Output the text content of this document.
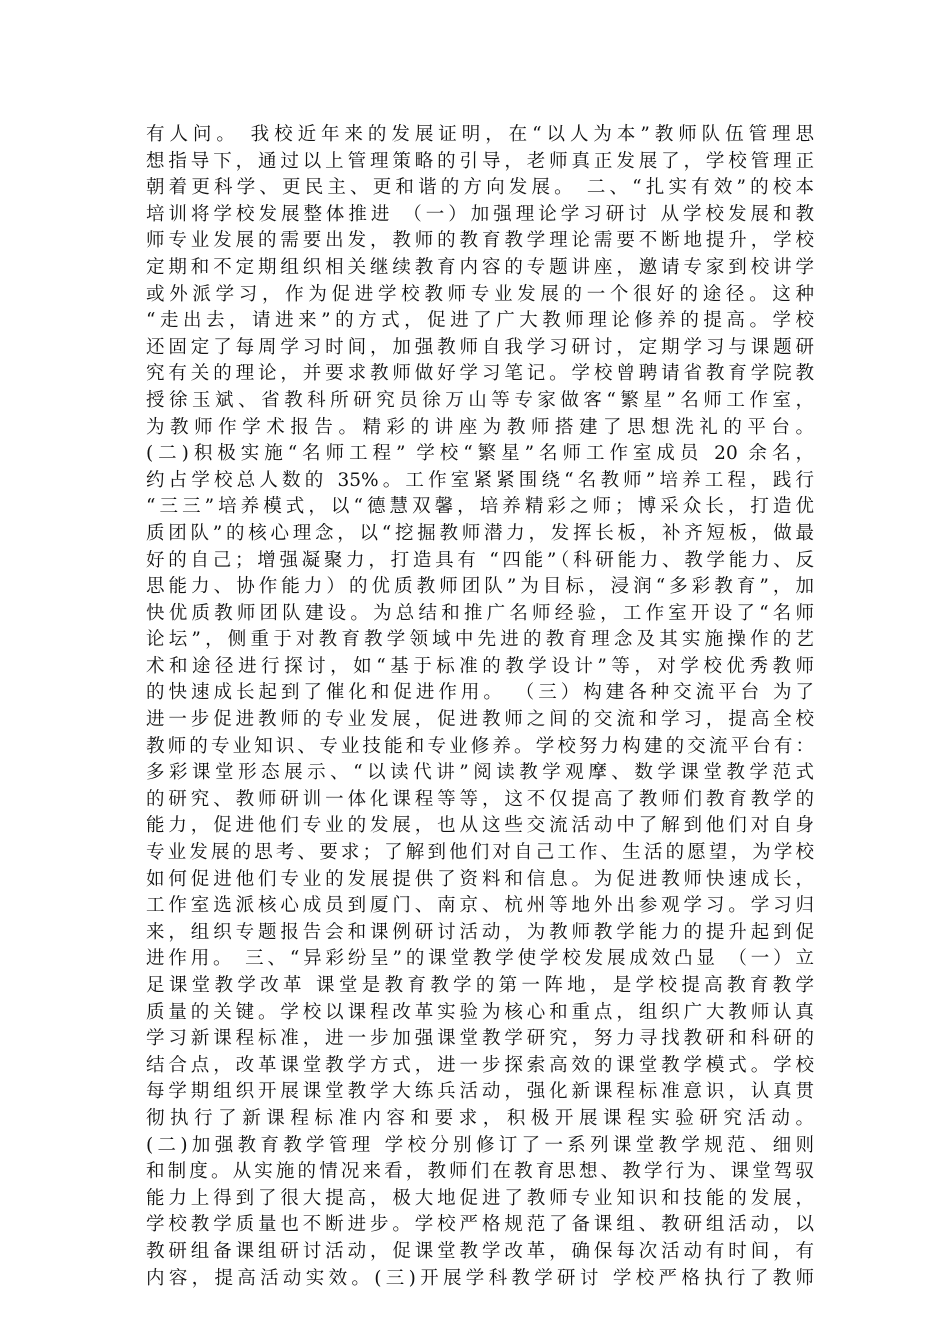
有人问。 我校近年来的发展证明，在“以人为本”教师队伍管理思
想指导下，通过以上管理策略的引导，老师真正发展了，学校管理正
朝着更科学、更民主、更和谐的方向发展。 二、“扎实有效”的校本
培训将学校发展整体推进 （一）加强理论学习研讨 从学校发展和教
师专业发展的需要出发，教师的教育教学理论需要不断地提升，学校
定期和不定期组织相关继续教育内容的专题讲座，邀请专家到校讲学
或外派学习，作为促进学校教师专业发展的一个很好的途径。这种
“走出去，请进来”的方式，促进了广大教师理论修养的提高。学校
还固定了每周学习时间，加强教师自我学习研讨，定期学习与课题研
究有关的理论，并要求教师做好学习笔记。学校曾聘请省教育学院教
授徐玉斌、省教科所研究员徐万山等专家做客“繁星”名师工作室，
为教师作学术报告。精彩的讲座为教师搭建了思想洗礼的平台。
(二)积极实施“名师工程” 学校“繁星”名师工作室成员 20 余名，
约占学校总人数的 35%。工作室紧紧围绕“名教师”培养工程，践行
“三三”培养模式，以“德慧双馨，培养精彩之师；博采众长，打造优
质团队”的核心理念，以“挖掘教师潜力，发挥长板，补齐短板，做最
好的自己；增强凝聚力，打造具有 “四能”（科研能力、教学能力、反
思能力、协作能力）的优质教师团队”为目标，浸润“多彩教育”，加
快优质教师团队建设。为总结和推广名师经验，工作室开设了“名师
论坛”，侧重于对教育教学领域中先进的教育理念及其实施操作的艺
术和途径进行探讨，如“基于标准的教学设计”等，对学校优秀教师
的快速成长起到了催化和促进作用。 （三）构建各种交流平台 为了
进一步促进教师的专业发展，促进教师之间的交流和学习，提高全校
教师的专业知识、专业技能和专业修养。学校努力构建的交流平台有：
多彩课堂形态展示、“以读代讲”阅读教学观摩、数学课堂教学范式
的研究、教师研训一体化课程等等，这不仅提高了教师们教育教学的
能力，促进他们专业的发展，也从这些交流活动中了解到他们对自身
专业发展的思考、要求；了解到他们对自己工作、生活的愿望，为学校
如何促进他们专业的发展提供了资料和信息。为促进教师快速成长，
工作室选派核心成员到厦门、南京、杭州等地外出参观学习。学习归
来，组织专题报告会和课例研讨活动，为教师教学能力的提升起到促
进作用。 三、“异彩纷呈”的课堂教学使学校发展成效凸显 （一）立
足课堂教学改革 课堂是教育教学的第一阵地，是学校提高教育教学
质量的关键。学校以课程改革实验为核心和重点，组织广大教师认真
学习新课程标准，进一步加强课堂教学研究，努力寻找教研和科研的
结合点，改革课堂教学方式，进一步探索高效的课堂教学模式。学校
每学期组织开展课堂教学大练兵活动，强化新课程标准意识，认真贯
彻执行了新课程标准内容和要求，积极开展课程实验研究活动。
(二)加强教育教学管理 学校分别修订了一系列课堂教学规范、细则
和制度。从实施的情况来看，教师们在教育思想、教学行为、课堂驾驭
能力上得到了很大提高，极大地促进了教师专业知识和技能的发展，
学校教学质量也不断进步。学校严格规范了备课组、教研组活动，以
教研组备课组研讨活动，促课堂教学改革，确保每次活动有时间，有
内容，提高活动实效。(三)开展学科教学研讨 学校严格执行了教师
